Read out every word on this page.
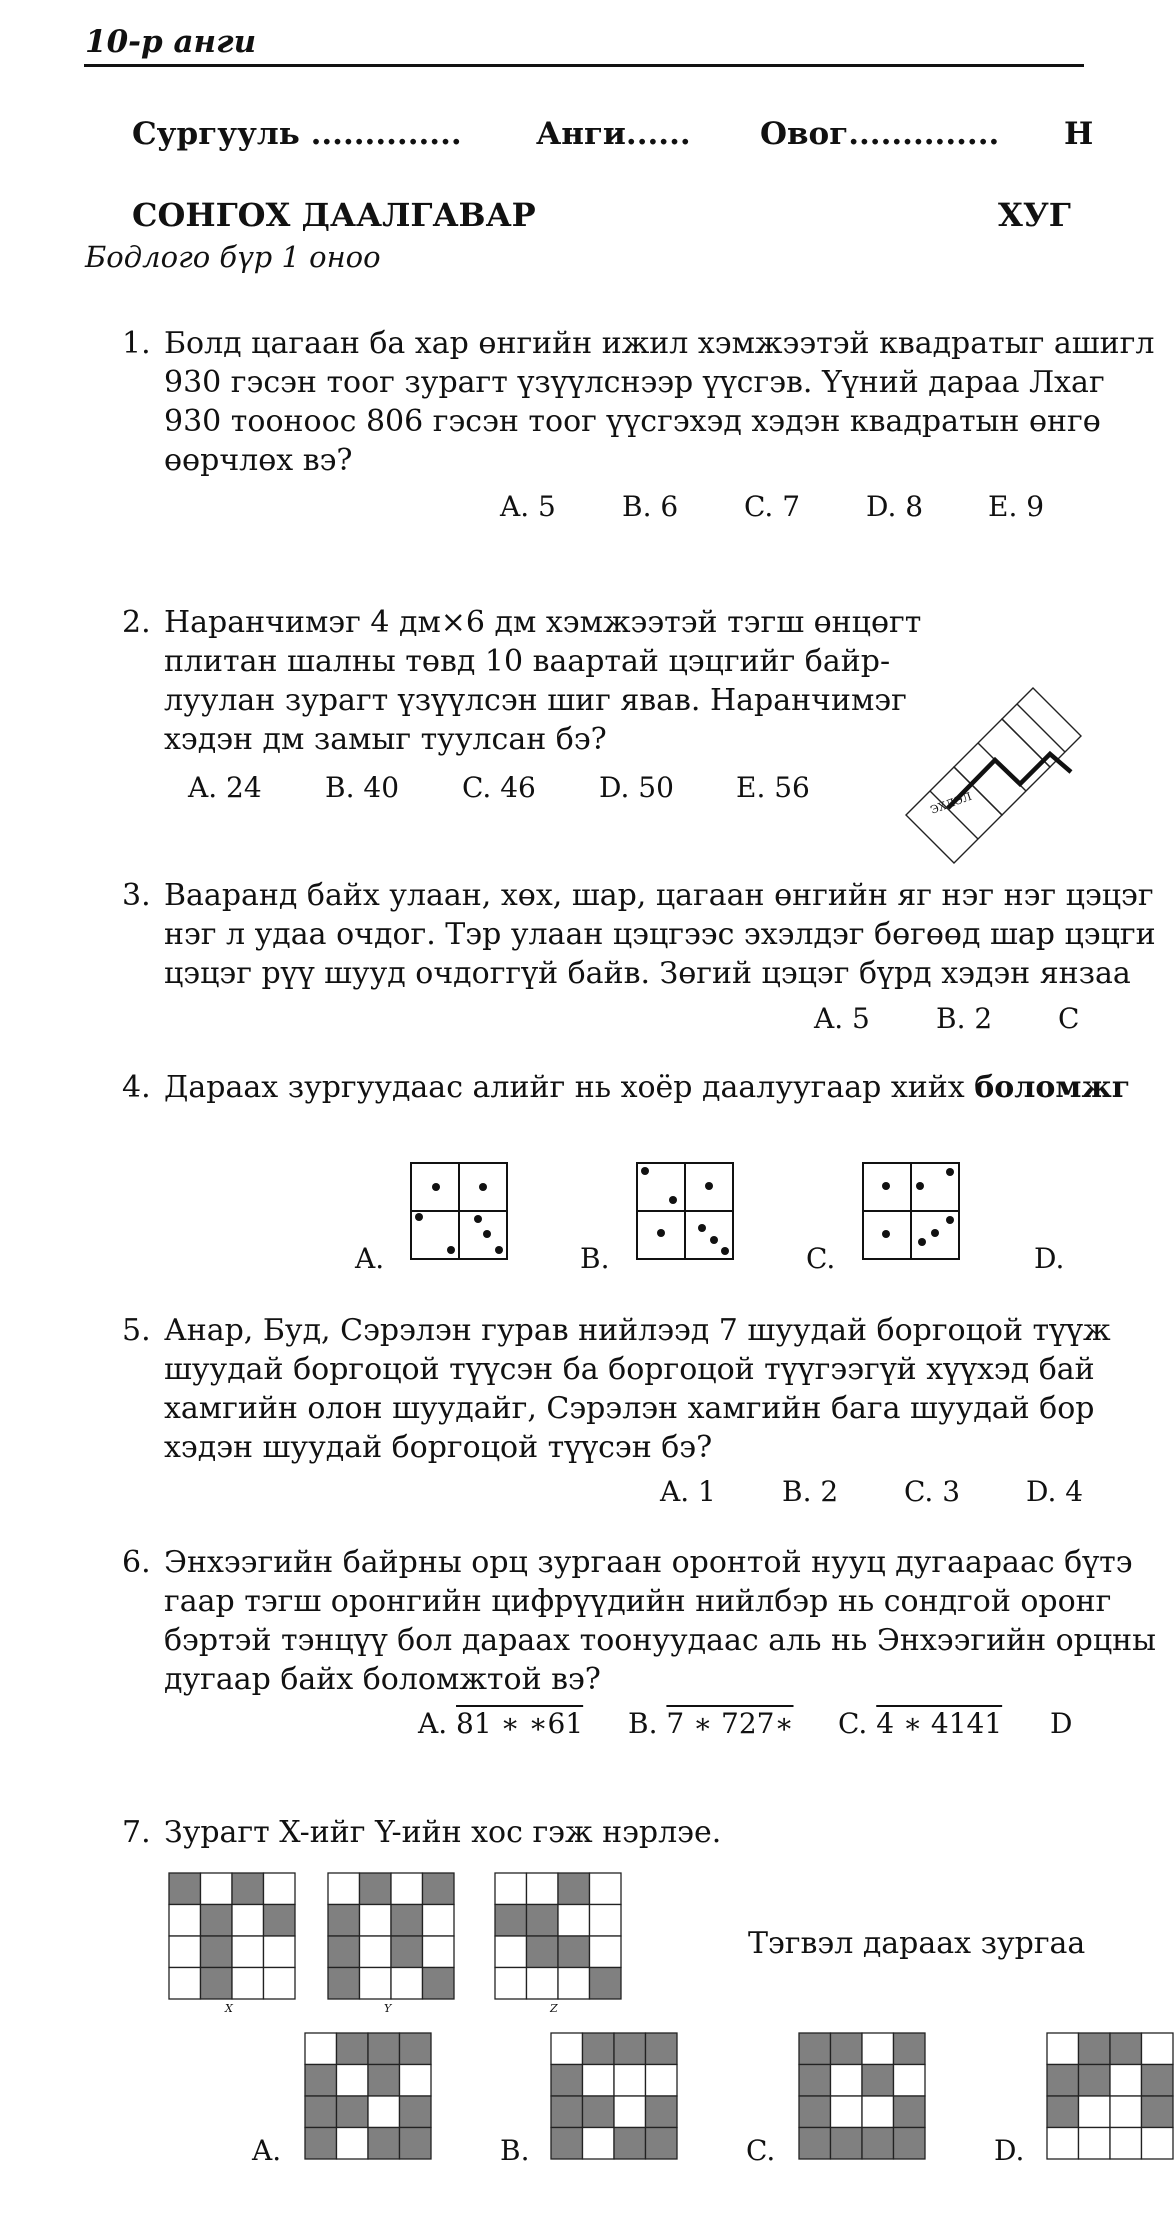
10-р анги
Сургууль .............. Анги...... Овог.............. Н
СОНГОХ ДААЛГАВАР	ХУГ
Бодлого бүр 1 оноо
1. Болд цагаан ба хар өнгийн ижил хэмжээтэй квадратыг ашигл
930 гэсэн тоог зурагт үзүүлснээр үүсгэв. Үүний дараа Лхаг
930 тооноос 806 гэсэн тоог үүсгэхэд хэдэн квадратын өнгө
өөрчлөх вэ?
A. 5 B. 6 C. 7 D. 8 E. 9
2. Наранчимэг 4 дм×6 дм хэмжээтэй тэгш өнцөгт
плитан шалны төвд 10 ваартай цэцгийг байр-
луулан зурагт үзүүлсэн шиг явав. Наранчимэг
хэдэн дм замыг туулсан бэ?
A. 24 B. 40 C. 46 D. 50 E. 56	ЭХЛЭЛ
3. Ваaранд байх улаан, хөх, шар, цагаан өнгийн яг нэг нэг цэцэг
нэг л удаа очдог. Тэр улаан цэцгээс эхэлдэг бөгөөд шар цэцги
цэцэг рүү шууд очдоггүй байв. Зөгий цэцэг бүрд хэдэн янзаа
A. 5 B. 2 C
4. Дараах зургуудаас алийг нь хоёр даалуугаар хийх боломжг
A.	B.	C.	D.
5. Анар, Буд, Сэрэлэн гурав нийлээд 7 шуудай боргоцой түүж
шуудай боргоцой түүсэн ба боргоцой түүгээгүй хүүхэд бай
хамгийн олон шуудайг, Сэрэлэн хамгийн бага шуудай бор
хэдэн шуудай боргоцой түүсэн бэ?
A. 1 B. 2 C. 3 D. 4
6. Энхээгийн байрны орц зургаан оронтой нууц дугаараас бүтэ
гаар тэгш оронгийн цифрүүдийн нийлбэр нь сондгой оронг
бэртэй тэнцүү бол дараах тоонуудаас аль нь Энхээгийн орцны
дугаар байх боломжтой вэ?
A. 81 ∗ ∗61 B. 7 ∗ 727∗ C. 4 ∗ 4141 D
7. Зурагт X-ийг Y-ийн хос гэж нэрлэе.
Тэгвэл дараах зургаа
X	Y	Z
A.	B.	C.	D.
